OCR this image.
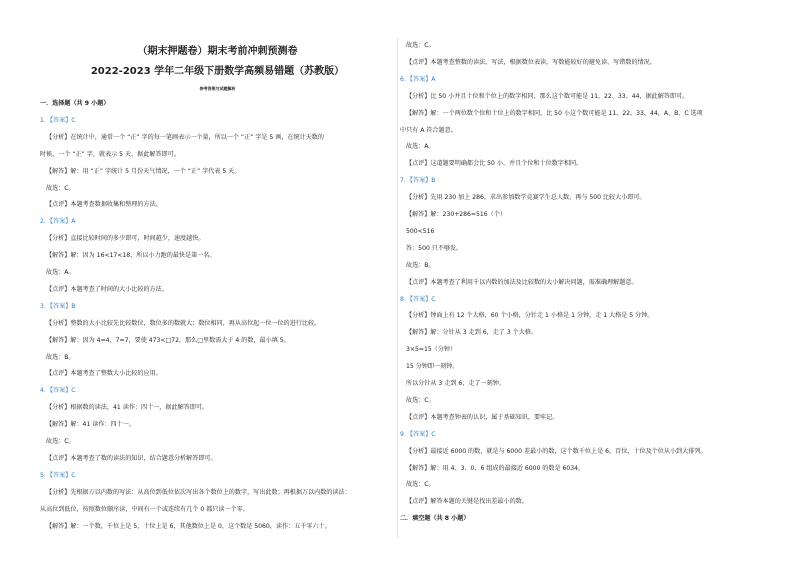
（期末押题卷）期末考前冲刺预测卷
2022-2023 学年二年级下册数学高频易错题（苏教版）
参考答案与试题解析
一．选择题（共 9 小题）
1．【答案】C
【分析】在统计中，通常一个 “正” 字的每一笔画表示一个量，所以一个 “正” 字是 5 画，在统计天数的
时候，一个 “正” 字，就表示 5 天，据此解答即可。
【解答】解：用 “正” 字统计 5 月份天气情况，一个 “正” 字代表 5 天。
故选：C。
【点评】本题考查数据收集和整理的方法。
2．【答案】A
【分析】直接比较时间的多少即可，时间越少，速度越快。
【解答】解：因为 16<17<18，所以小力跑的最快是第一名。
故选：A。
【点评】本题考查了时间的大小比较的方法。
3．【答案】B
【分析】整数的大小比较先比较数位，数位多的数就大；数位相同，再从高位起一位一位的进行比较。
【解答】解：因为 4=4，7=7，要使 473<□72，那么□里数需大于 4 的数，最小填 5。
故选：B。
【点评】本题考查了整数大小比较的应用。
4．【答案】C
【分析】根据数的读法，41 读作：四十一，据此解答即可。
【解答】解：41 读作：四十一。
故选：C。
【点评】本题考查了数的读法的知识，结合题意分析解答即可。
5．【答案】C
【分析】先根据万以内数的写法：从高位到低位依次写出各个数位上的数字，写出此数；再根据万以内数的读法：
从高位到低位，按照数位顺序读，中间有一个或连续有几个 0 都只读一个零。
【解答】解：一个数，千位上是 5，十位上是 6，其他数位上是 0，这个数是 5060，读作：五千零六十。
故选：C。
【点评】本题考查整数的读法、写法，根据数位表读、写数能较好的避免读、写错数的情况。
6．【答案】A
【分析】比 50 小并且十位和个位上的数字相同，那么这个数可能是 11、22、33、44，据此解答即可。
【解答】解：一个两位数个位和十位上的数字相同，比 50 小这个数可能是 11、22、33、44，A、B、C 选项
中只有 A 符合题意。
故选：A。
【点评】这道题要明确都会比 50 小，并且个位和十位数字相同。
7．【答案】B
【分析】先用 230 加上 286，求出参加数学竞赛学生总人数，再与 500 比较大小即可。
【解答】解：230+286=516（个）
500<516
答：500 只不够发。
故选：B。
【点评】本题考查了利用千以内数的加法及比较数的大小解决问题，需准确理解题意。
8．【答案】C
【分析】钟面上有 12 个大格，60 个小格，分针走 1 小格是 1 分钟，走 1 大格是 5 分钟。
【解答】解：分针从 3 走到 6，走了 3 个大格。
3×5=15（分钟）
15 分钟即一刻钟。
所以分针从 3 走到 6，走了一刻钟。
故选：C。
【点评】本题考查钟表的认识，属于基础知识，要牢记。
9．【答案】C
【分析】最接近 6000 的数，就是与 6000 差最小的数，这个数千位上是 6，百位、十位及个位从小到大排列。
【解答】解：用 4、3、0、6 组成的最接近 6000 的数是 6034。
故选：C。
【点评】解答本题的关键是找出差最小的数。
二．填空题（共 8 小题）
